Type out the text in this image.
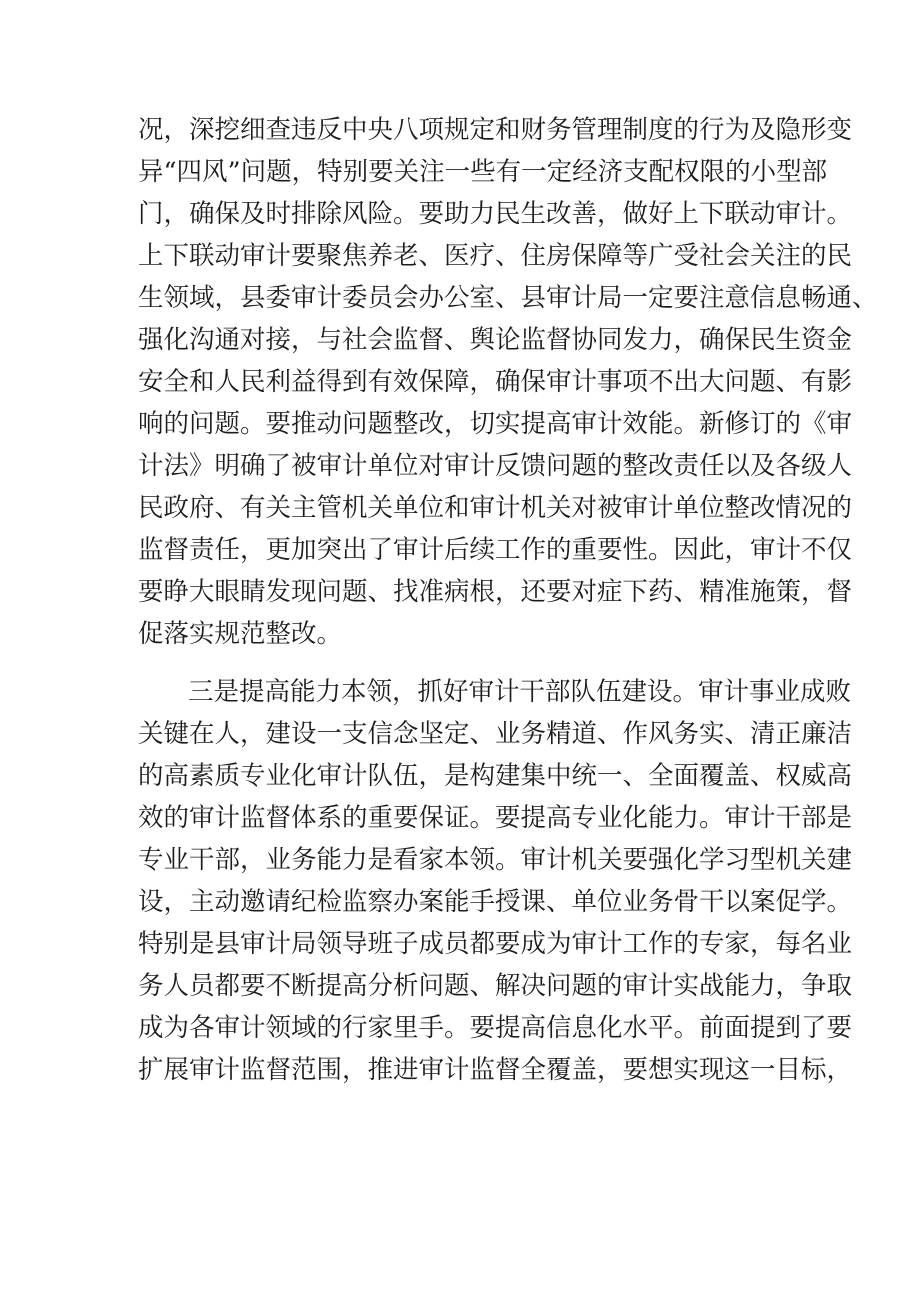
况，深挖细查违反中央八项规定和财务管理制度的行为及隐形变
异“四风”问题，特别要关注一些有一定经济支配权限的小型部
门，确保及时排除风险。要助力民生改善，做好上下联动审计。
上下联动审计要聚焦养老、医疗、住房保障等广受社会关注的民
生领域，县委审计委员会办公室、县审计局一定要注意信息畅通、
强化沟通对接，与社会监督、舆论监督协同发力，确保民生资金
安全和人民利益得到有效保障，确保审计事项不出大问题、有影
响的问题。要推动问题整改，切实提高审计效能。新修订的《审
计法》明确了被审计单位对审计反馈问题的整改责任以及各级人
民政府、有关主管机关单位和审计机关对被审计单位整改情况的
监督责任，更加突出了审计后续工作的重要性。因此，审计不仅
要睁大眼睛发现问题、找准病根，还要对症下药、精准施策，督
促落实规范整改。
三是提高能力本领，抓好审计干部队伍建设。审计事业成败
关键在人，建设一支信念坚定、业务精道、作风务实、清正廉洁
的高素质专业化审计队伍，是构建集中统一、全面覆盖、权威高
效的审计监督体系的重要保证。要提高专业化能力。审计干部是
专业干部，业务能力是看家本领。审计机关要强化学习型机关建
设，主动邀请纪检监察办案能手授课、单位业务骨干以案促学。
特别是县审计局领导班子成员都要成为审计工作的专家，每名业
务人员都要不断提高分析问题、解决问题的审计实战能力，争取
成为各审计领域的行家里手。要提高信息化水平。前面提到了要
扩展审计监督范围，推进审计监督全覆盖，要想实现这一目标，
